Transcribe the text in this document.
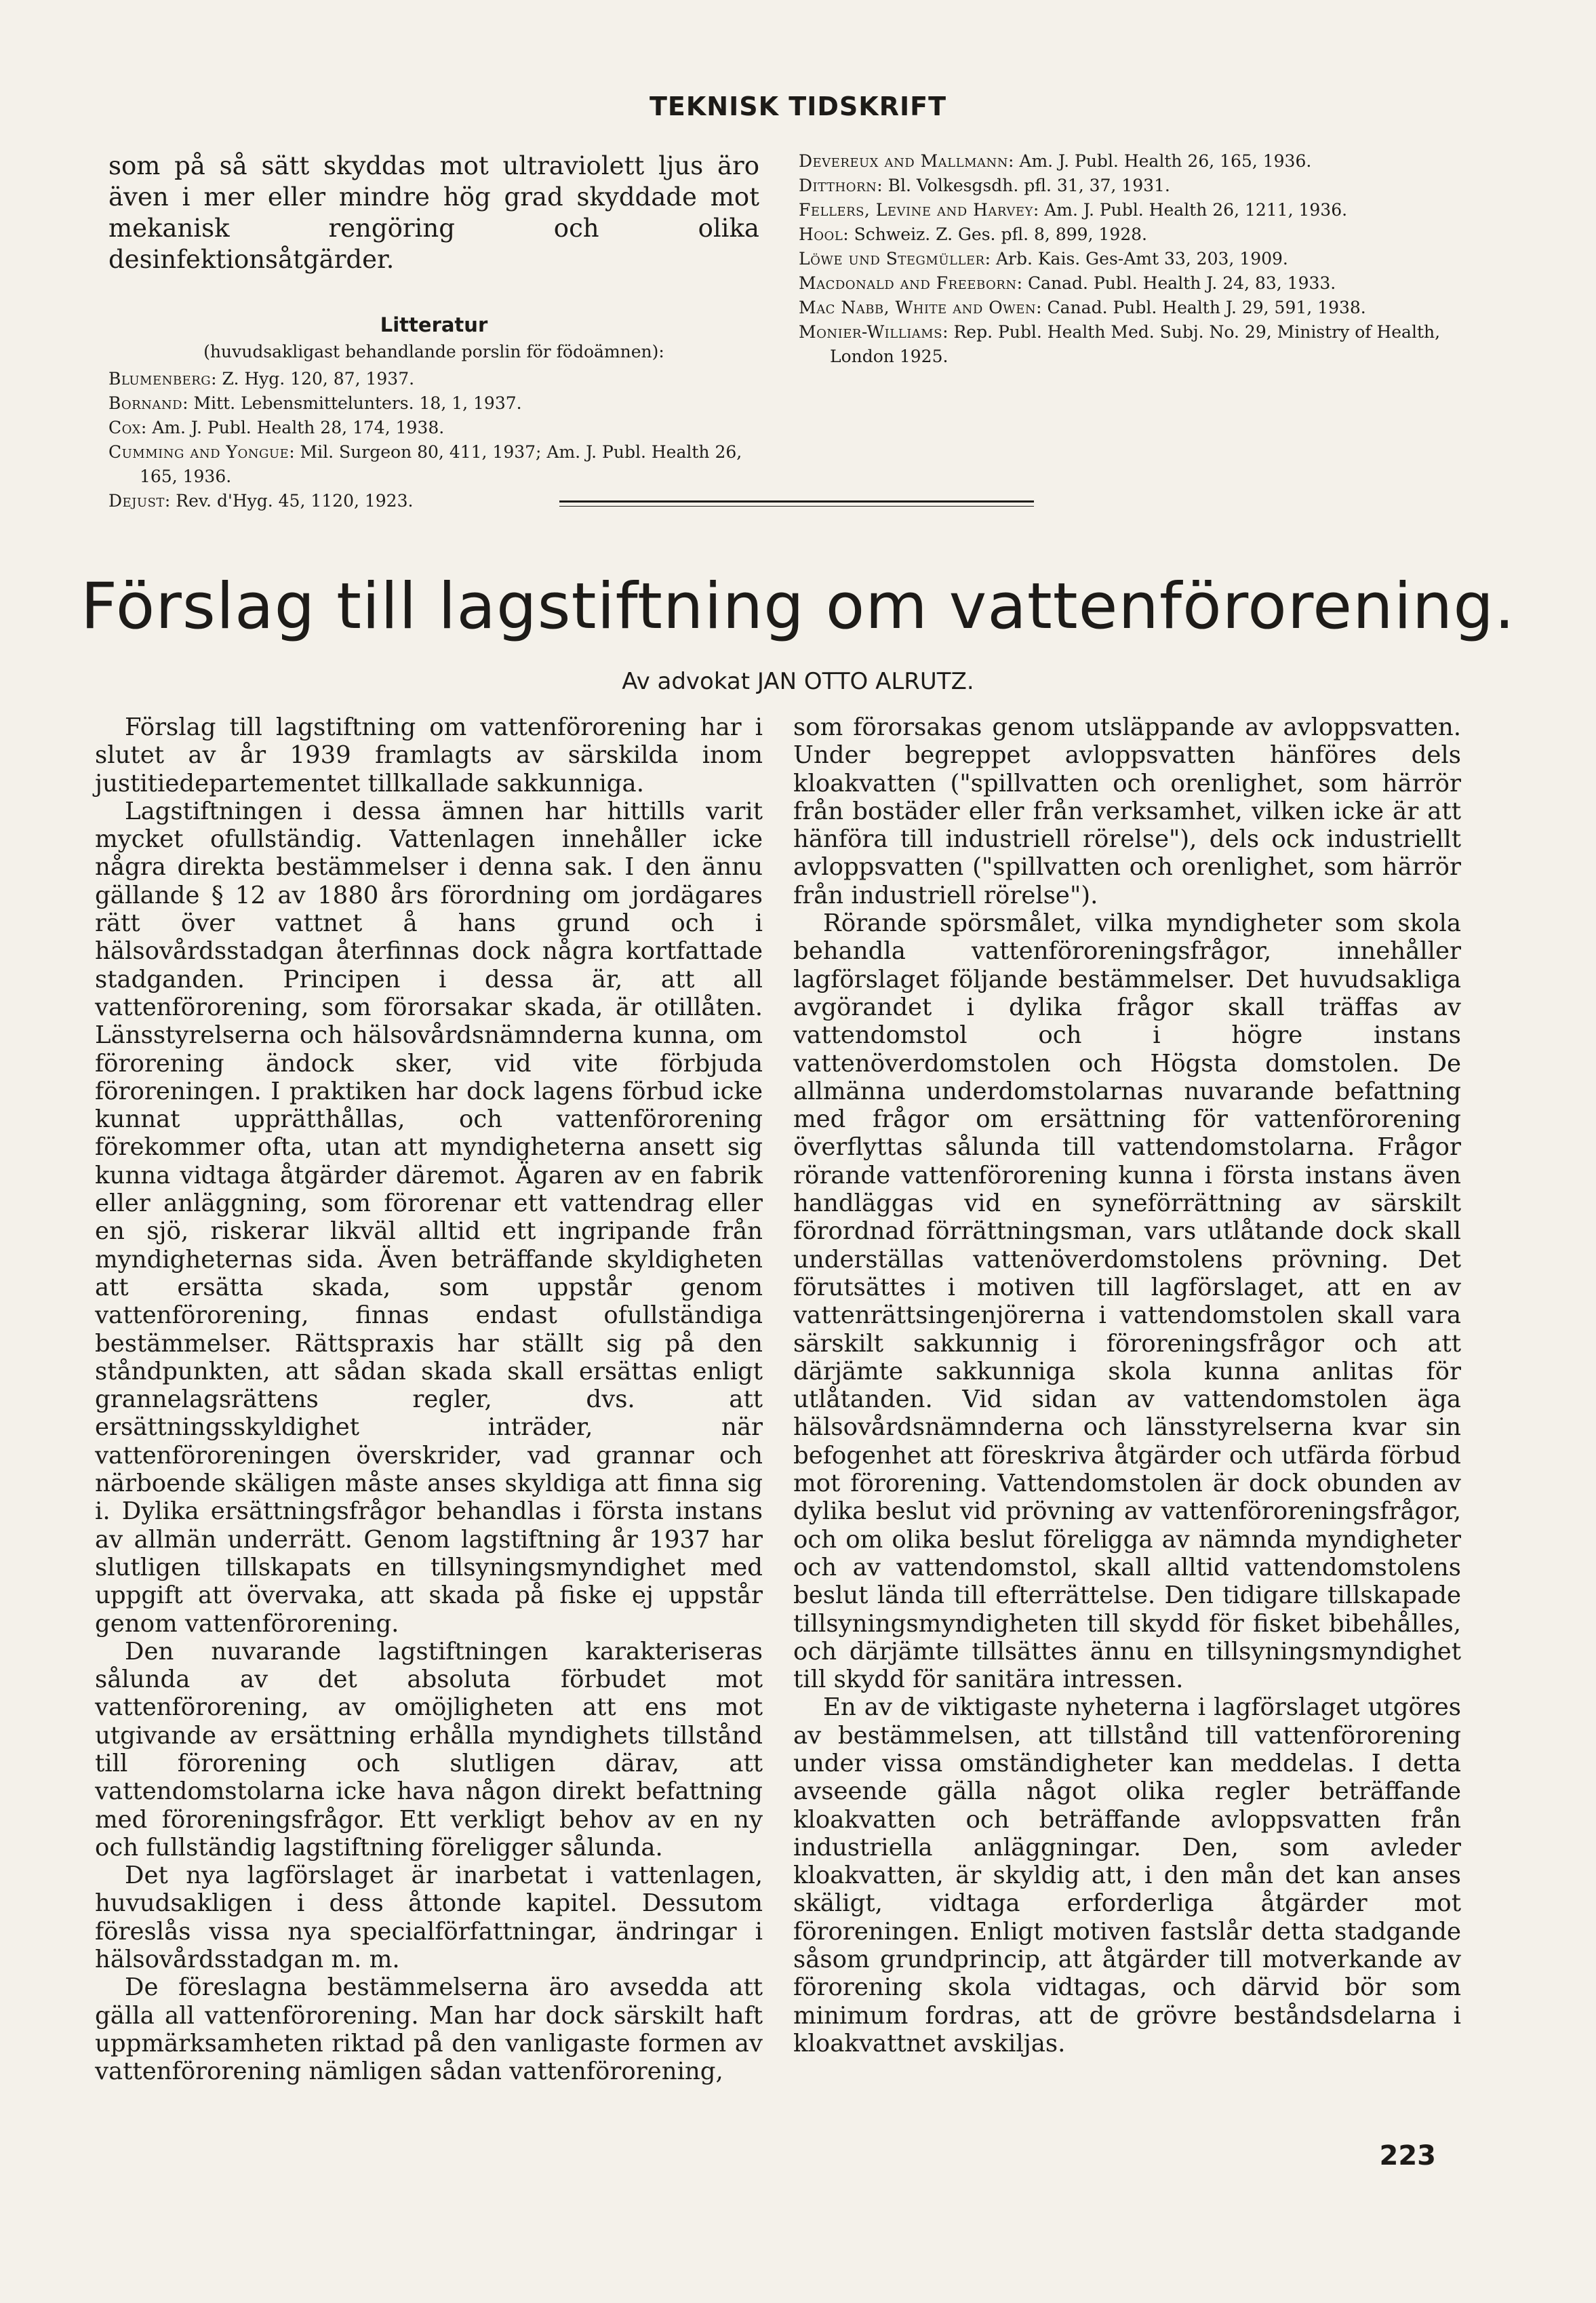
TEKNISK TIDSKRIFT

som på så sätt skyddas mot ultraviolett ljus äro även i mer eller mindre hög grad skyddade mot mekanisk rengöring och olika desinfektionsåtgärder.

Litteratur
(huvudsakligast behandlande porslin för födoämnen):

Blumenberg: Z. Hyg. 120, 87, 1937.

Bornand: Mitt. Lebensmittelunters. 18, 1, 1937.

Cox: Am. J. Publ. Health 28, 174, 1938.

Cumming and Yongue: Mil. Surgeon 80, 411, 1937; Am. J. Publ. Health 26, 165, 1936.

Dejust: Rev. d'Hyg. 45, 1120, 1923.

Devereux and Mallmann: Am. J. Publ. Health 26, 165, 1936.

Ditthorn: Bl. Volkesgsdh. pfl. 31, 37, 1931.

Fellers, Levine and Harvey: Am. J. Publ. Health 26, 1211, 1936.

Hool: Schweiz. Z. Ges. pfl. 8, 899, 1928.

Löwe und Stegmüller: Arb. Kais. Ges-Amt 33, 203, 1909.

Macdonald and Freeborn: Canad. Publ. Health J. 24, 83, 1933.

Mac Nabb, White and Owen: Canad. Publ. Health J. 29, 591, 1938.

Monier-Williams: Rep. Publ. Health Med. Subj. No. 29, Ministry of Health, London 1925.

Förslag till lagstiftning om vattenförorening.
Av advokat JAN OTTO ALRUTZ.

Förslag till lagstiftning om vattenförorening har i slutet av år 1939 framlagts av särskilda inom justitiedepartementet tillkallade sakkunniga.

Lagstiftningen i dessa ämnen har hittills varit mycket ofullständig. Vattenlagen innehåller icke några direkta bestämmelser i denna sak. I den ännu gällande § 12 av 1880 års förordning om jordägares rätt över vattnet å hans grund och i hälsovårdsstadgan återfinnas dock några kortfattade stadganden. Principen i dessa är, att all vattenförorening, som förorsakar skada, är otillåten. Länsstyrelserna och hälsovårdsnämnderna kunna, om förorening ändock sker, vid vite förbjuda föroreningen. I praktiken har dock lagens förbud icke kunnat upprätthållas, och vattenförorening förekommer ofta, utan att myndigheterna ansett sig kunna vidtaga åtgärder däremot. Ägaren av en fabrik eller anläggning, som förorenar ett vattendrag eller en sjö, riskerar likväl alltid ett ingripande från myndigheternas sida. Även beträffande skyldigheten att ersätta skada, som uppstår genom vattenförorening, finnas endast ofullständiga bestämmelser. Rättspraxis har ställt sig på den ståndpunkten, att sådan skada skall ersättas enligt grannelagsrättens regler, dvs. att ersättningsskyldighet inträder, när vattenföroreningen överskrider, vad grannar och närboende skäligen måste anses skyldiga att finna sig i. Dylika ersättningsfrågor behandlas i första instans av allmän underrätt. Genom lagstiftning år 1937 har slutligen tillskapats en tillsyningsmyndighet med uppgift att övervaka, att skada på fiske ej uppstår genom vattenförorening.

Den nuvarande lagstiftningen karakteriseras sålunda av det absoluta förbudet mot vattenförorening, av omöjligheten att ens mot utgivande av ersättning erhålla myndighets tillstånd till förorening och slutligen därav, att vattendomstolarna icke hava någon direkt befattning med föroreningsfrågor. Ett verkligt behov av en ny och fullständig lagstiftning föreligger sålunda.

Det nya lagförslaget är inarbetat i vattenlagen, huvudsakligen i dess åttonde kapitel. Dessutom föreslås vissa nya specialförfattningar, ändringar i hälsovårdsstadgan m. m.

De föreslagna bestämmelserna äro avsedda att gälla all vattenförorening. Man har dock särskilt haft uppmärksamheten riktad på den vanligaste formen av vattenförorening nämligen sådan vattenförorening,

som förorsakas genom utsläppande av avloppsvatten. Under begreppet avloppsvatten hänföres dels kloakvatten ("spillvatten och orenlighet, som härrör från bostäder eller från verksamhet, vilken icke är att hänföra till industriell rörelse"), dels ock industriellt avloppsvatten ("spillvatten och orenlighet, som härrör från industriell rörelse").

Rörande spörsmålet, vilka myndigheter som skola behandla vattenföroreningsfrågor, innehåller lagförslaget följande bestämmelser. Det huvudsakliga avgörandet i dylika frågor skall träffas av vattendomstol och i högre instans vattenöverdomstolen och Högsta domstolen. De allmänna underdomstolarnas nuvarande befattning med frågor om ersättning för vattenförorening överflyttas sålunda till vattendomstolarna. Frågor rörande vattenförorening kunna i första instans även handläggas vid en syneförrättning av särskilt förordnad förrättningsman, vars utlåtande dock skall underställas vattenöverdomstolens prövning. Det förutsättes i motiven till lagförslaget, att en av vattenrättsingenjörerna i vattendomstolen skall vara särskilt sakkunnig i föroreningsfrågor och att därjämte sakkunniga skola kunna anlitas för utlåtanden. Vid sidan av vattendomstolen äga hälsovårdsnämnderna och länsstyrelserna kvar sin befogenhet att föreskriva åtgärder och utfärda förbud mot förorening. Vattendomstolen är dock obunden av dylika beslut vid prövning av vattenföroreningsfrågor, och om olika beslut föreligga av nämnda myndigheter och av vattendomstol, skall alltid vattendomstolens beslut lända till efterrättelse. Den tidigare tillskapade tillsyningsmyndigheten till skydd för fisket bibehålles, och därjämte tillsättes ännu en tillsyningsmyndighet till skydd för sanitära intressen.

En av de viktigaste nyheterna i lagförslaget utgöres av bestämmelsen, att tillstånd till vattenförorening under vissa omständigheter kan meddelas. I detta avseende gälla något olika regler beträffande kloakvatten och beträffande avloppsvatten från industriella anläggningar. Den, som avleder kloakvatten, är skyldig att, i den mån det kan anses skäligt, vidtaga erforderliga åtgärder mot föroreningen. Enligt motiven fastslår detta stadgande såsom grundprincip, att åtgärder till motverkande av förorening skola vidtagas, och därvid bör som minimum fordras, att de grövre beståndsdelarna i kloakvattnet avskiljas.

223
